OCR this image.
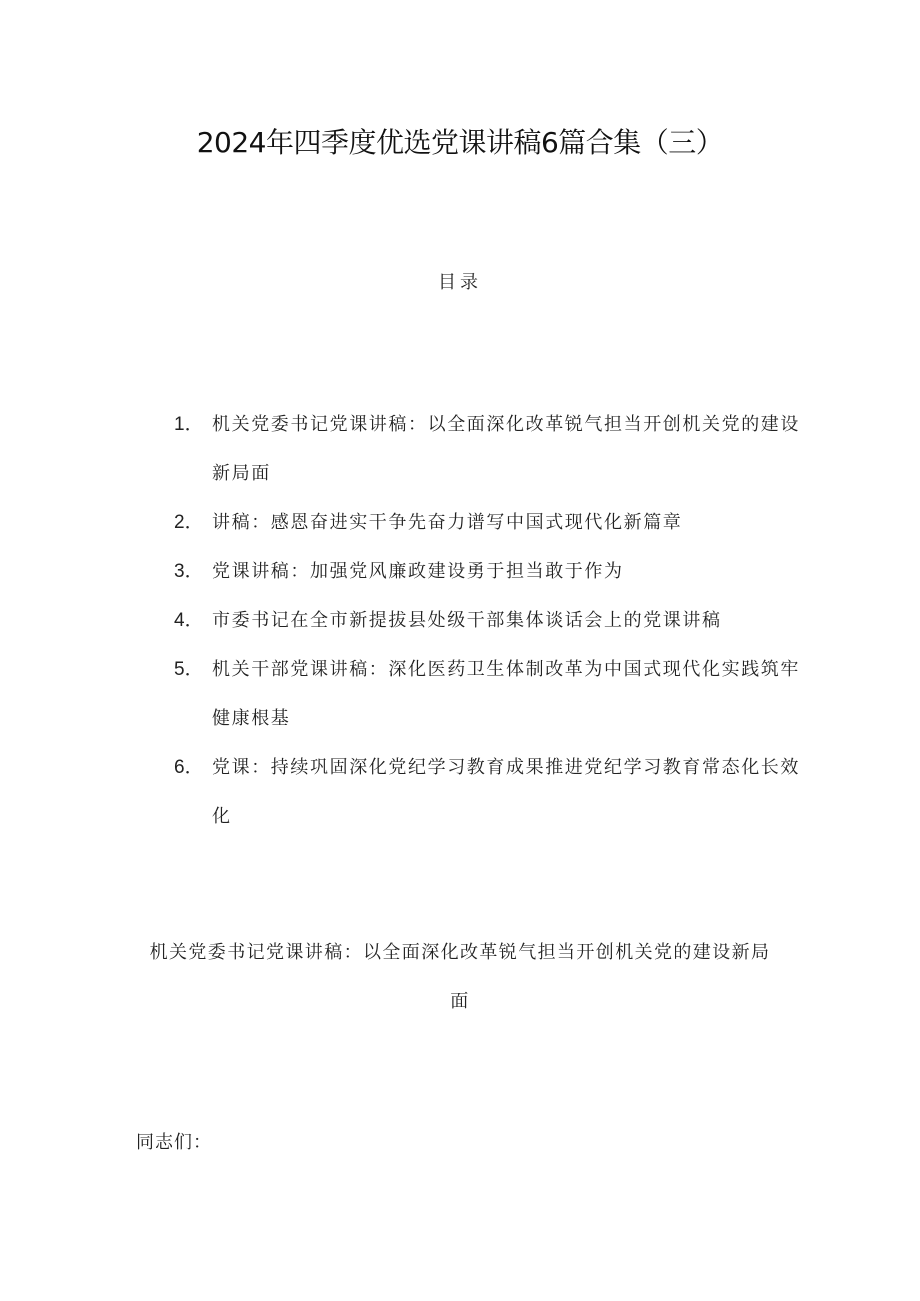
2024年四季度优选党课讲稿6篇合集（三）
目录
1． 机关党委书记党课讲稿：以全面深化改革锐气担当开创机关党的建设新局面
2． 讲稿：感恩奋进实干争先奋力谱写中国式现代化新篇章
3． 党课讲稿：加强党风廉政建设勇于担当敢于作为
4． 市委书记在全市新提拔县处级干部集体谈话会上的党课讲稿
5． 机关干部党课讲稿：深化医药卫生体制改革为中国式现代化实践筑牢健康根基
6． 党课：持续巩固深化党纪学习教育成果推进党纪学习教育常态化长效化
机关党委书记党课讲稿：以全面深化改革锐气担当开创机关党的建设新局面
同志们：
